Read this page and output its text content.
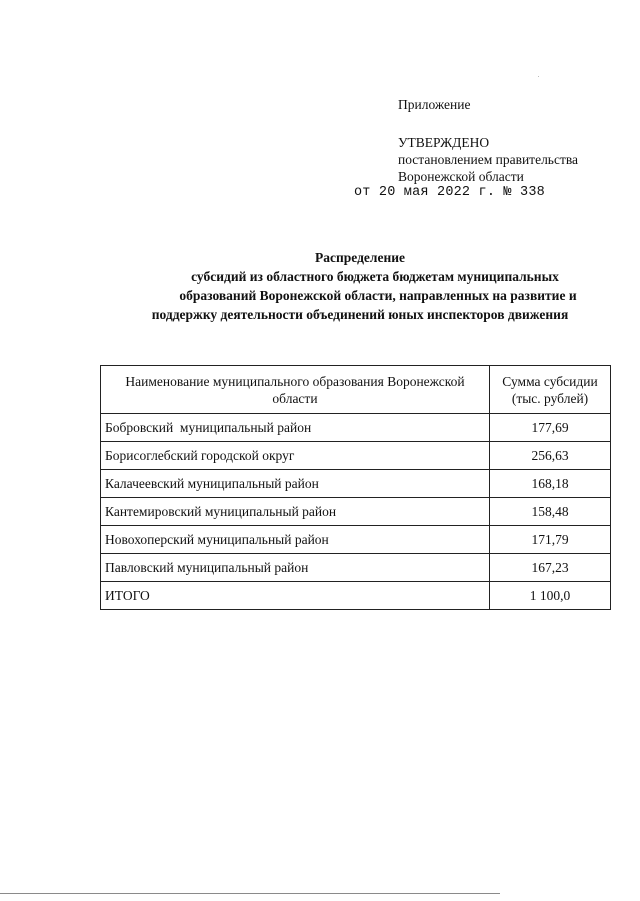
Приложение
УТВЕРЖДЕНО
постановлением правительства
Воронежской области
от 20 мая 2022 г. № 338
Распределение
субсидий из областного бюджета бюджетам муниципальных
образований Воронежской области, направленных на развитие и
поддержку деятельности объединений юных инспекторов движения
Наименование муниципального образования Воронежской области	Сумма субсидии (тыс. рублей)
Бобровский  муниципальный район	177,69
Борисоглебский городской округ	256,63
Калачеевский муниципальный район	168,18
Кантемировский муниципальный район	158,48
Новохоперский муниципальный район	171,79
Павловский муниципальный район	167,23
ИТОГО	1 100,0
